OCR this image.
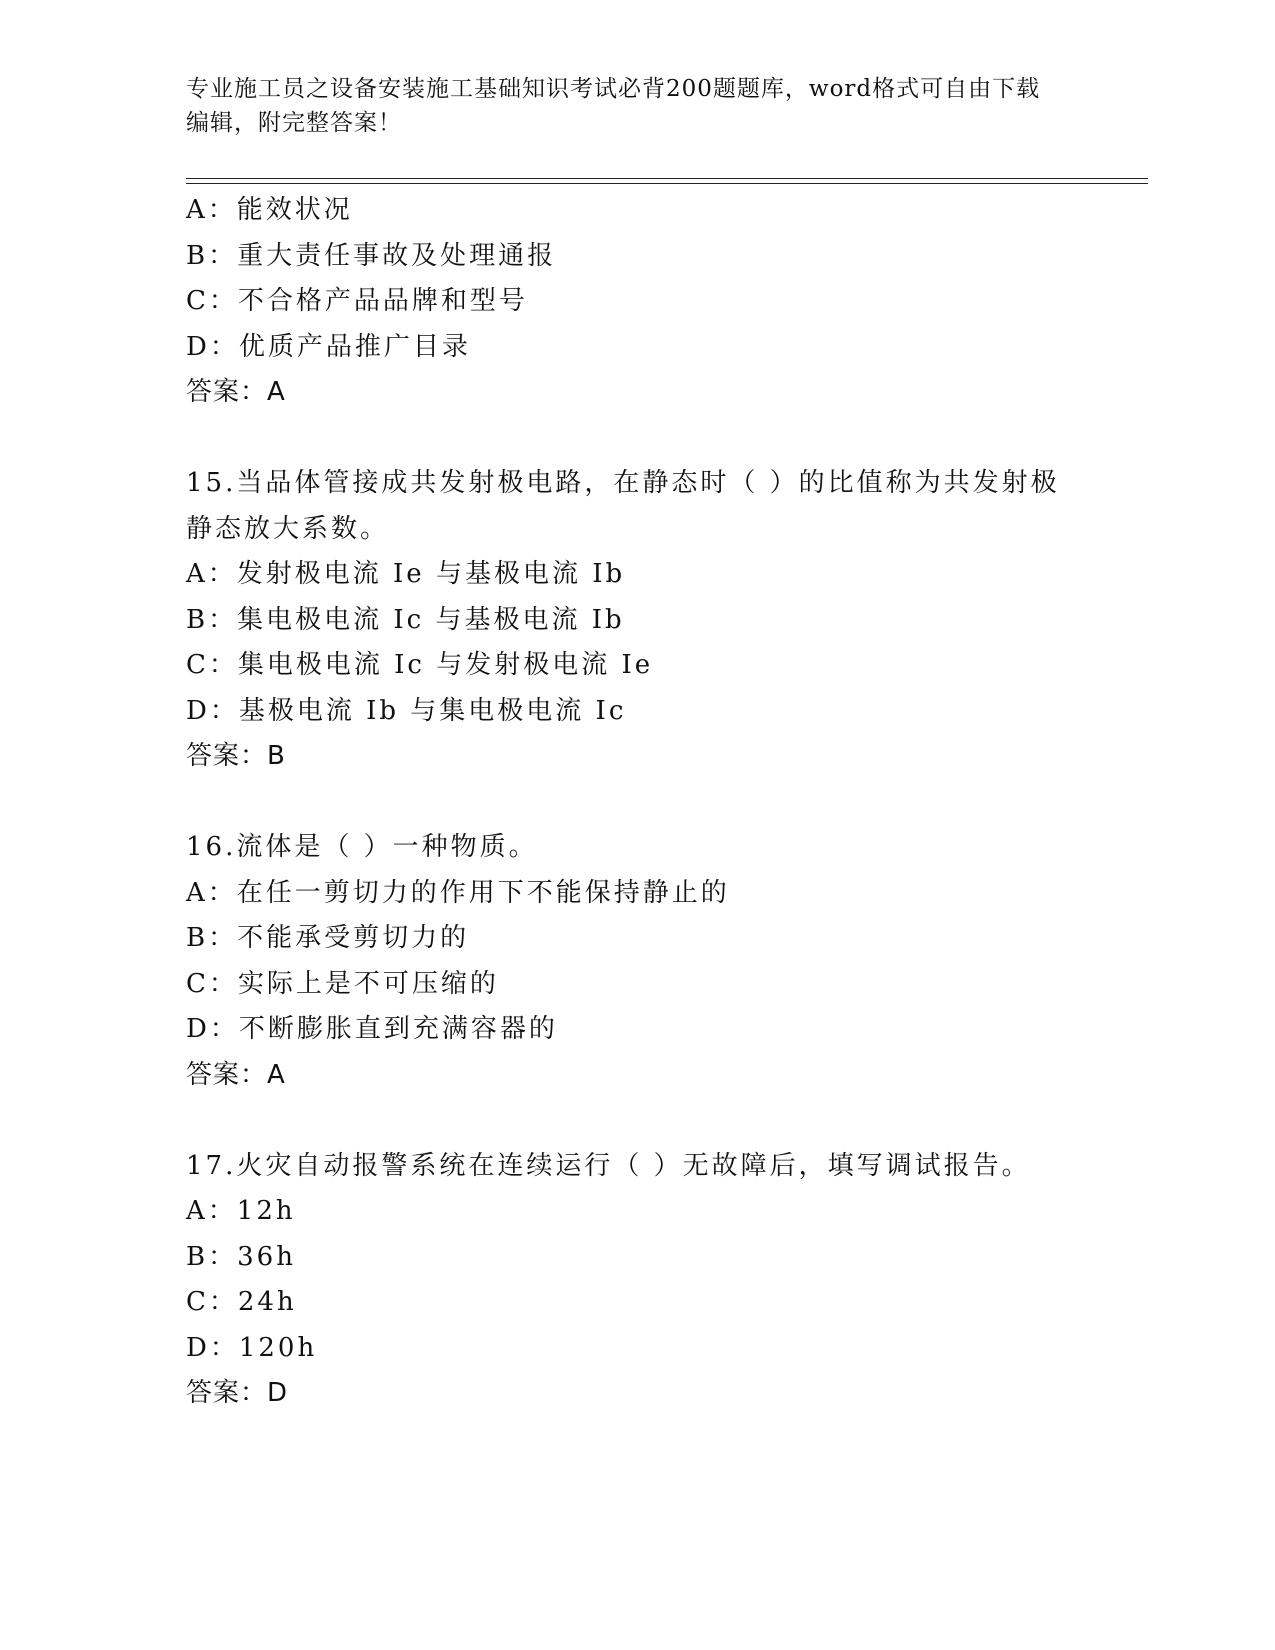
专业施工员之设备安装施工基础知识考试必背200题题库，word格式可自由下载
编辑，附完整答案！
A：能效状况
B：重大责任事故及处理通报
C：不合格产品品牌和型号
D：优质产品推广目录
答案：A
15.当品体管接成共发射极电路，在静态时（ ）的比值称为共发射极
静态放大系数。
A：发射极电流 Ie 与基极电流 Ib
B：集电极电流 Ic 与基极电流 Ib
C：集电极电流 Ic 与发射极电流 Ie
D：基极电流 Ib 与集电极电流 Ic
答案：B
16.流体是（ ）一种物质。
A：在任一剪切力的作用下不能保持静止的
B：不能承受剪切力的
C：实际上是不可压缩的
D：不断膨胀直到充满容器的
答案：A
17.火灾自动报警系统在连续运行（ ）无故障后，填写调试报告。
A：12h
B：36h
C：24h
D：120h
答案：D
